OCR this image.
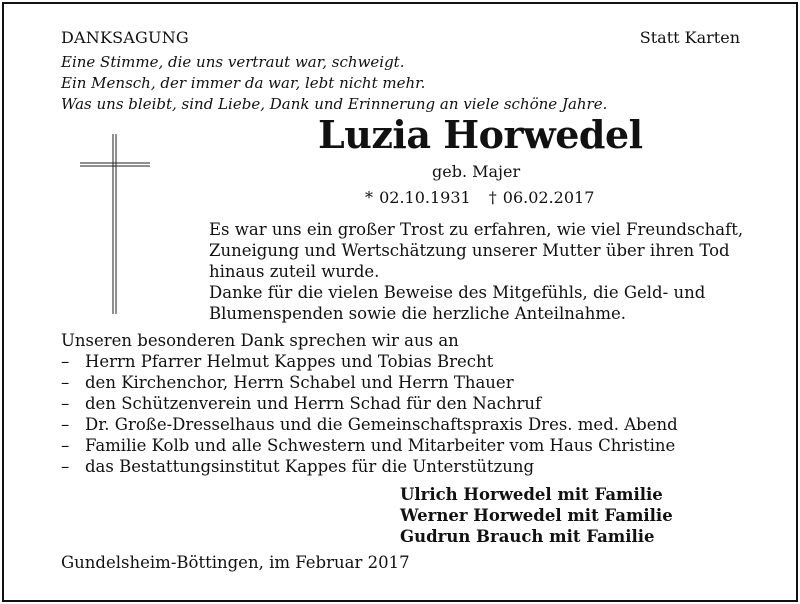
DANKSAGUNG	Statt Karten
Eine Stimme, die uns vertraut war, schweigt.
Ein Mensch, der immer da war, lebt nicht mehr.
Was uns bleibt, sind Liebe, Dank und Erinnerung an viele schöne Jahre.
Luzia Horwedel
geb. Majer
* 02.10.1931 † 06.02.2017
Es war uns ein großer Trost zu erfahren, wie viel Freundschaft,
Zuneigung und Wertschätzung unserer Mutter über ihren Tod
hinaus zuteil wurde.
Danke für die vielen Beweise des Mitgefühls, die Geld- und
Blumenspenden sowie die herzliche Anteilnahme.
Unseren besonderen Dank sprechen wir aus an
– Herrn Pfarrer Helmut Kappes und Tobias Brecht
– den Kirchenchor, Herrn Schabel und Herrn Thauer
– den Schützenverein und Herrn Schad für den Nachruf
– Dr. Große-Dresselhaus und die Gemeinschaftspraxis Dres. med. Abend
– Familie Kolb und alle Schwestern und Mitarbeiter vom Haus Christine
– das Bestattungsinstitut Kappes für die Unterstützung
Ulrich Horwedel mit Familie
Werner Horwedel mit Familie
Gudrun Brauch mit Familie
Gundelsheim-Böttingen, im Februar 2017
